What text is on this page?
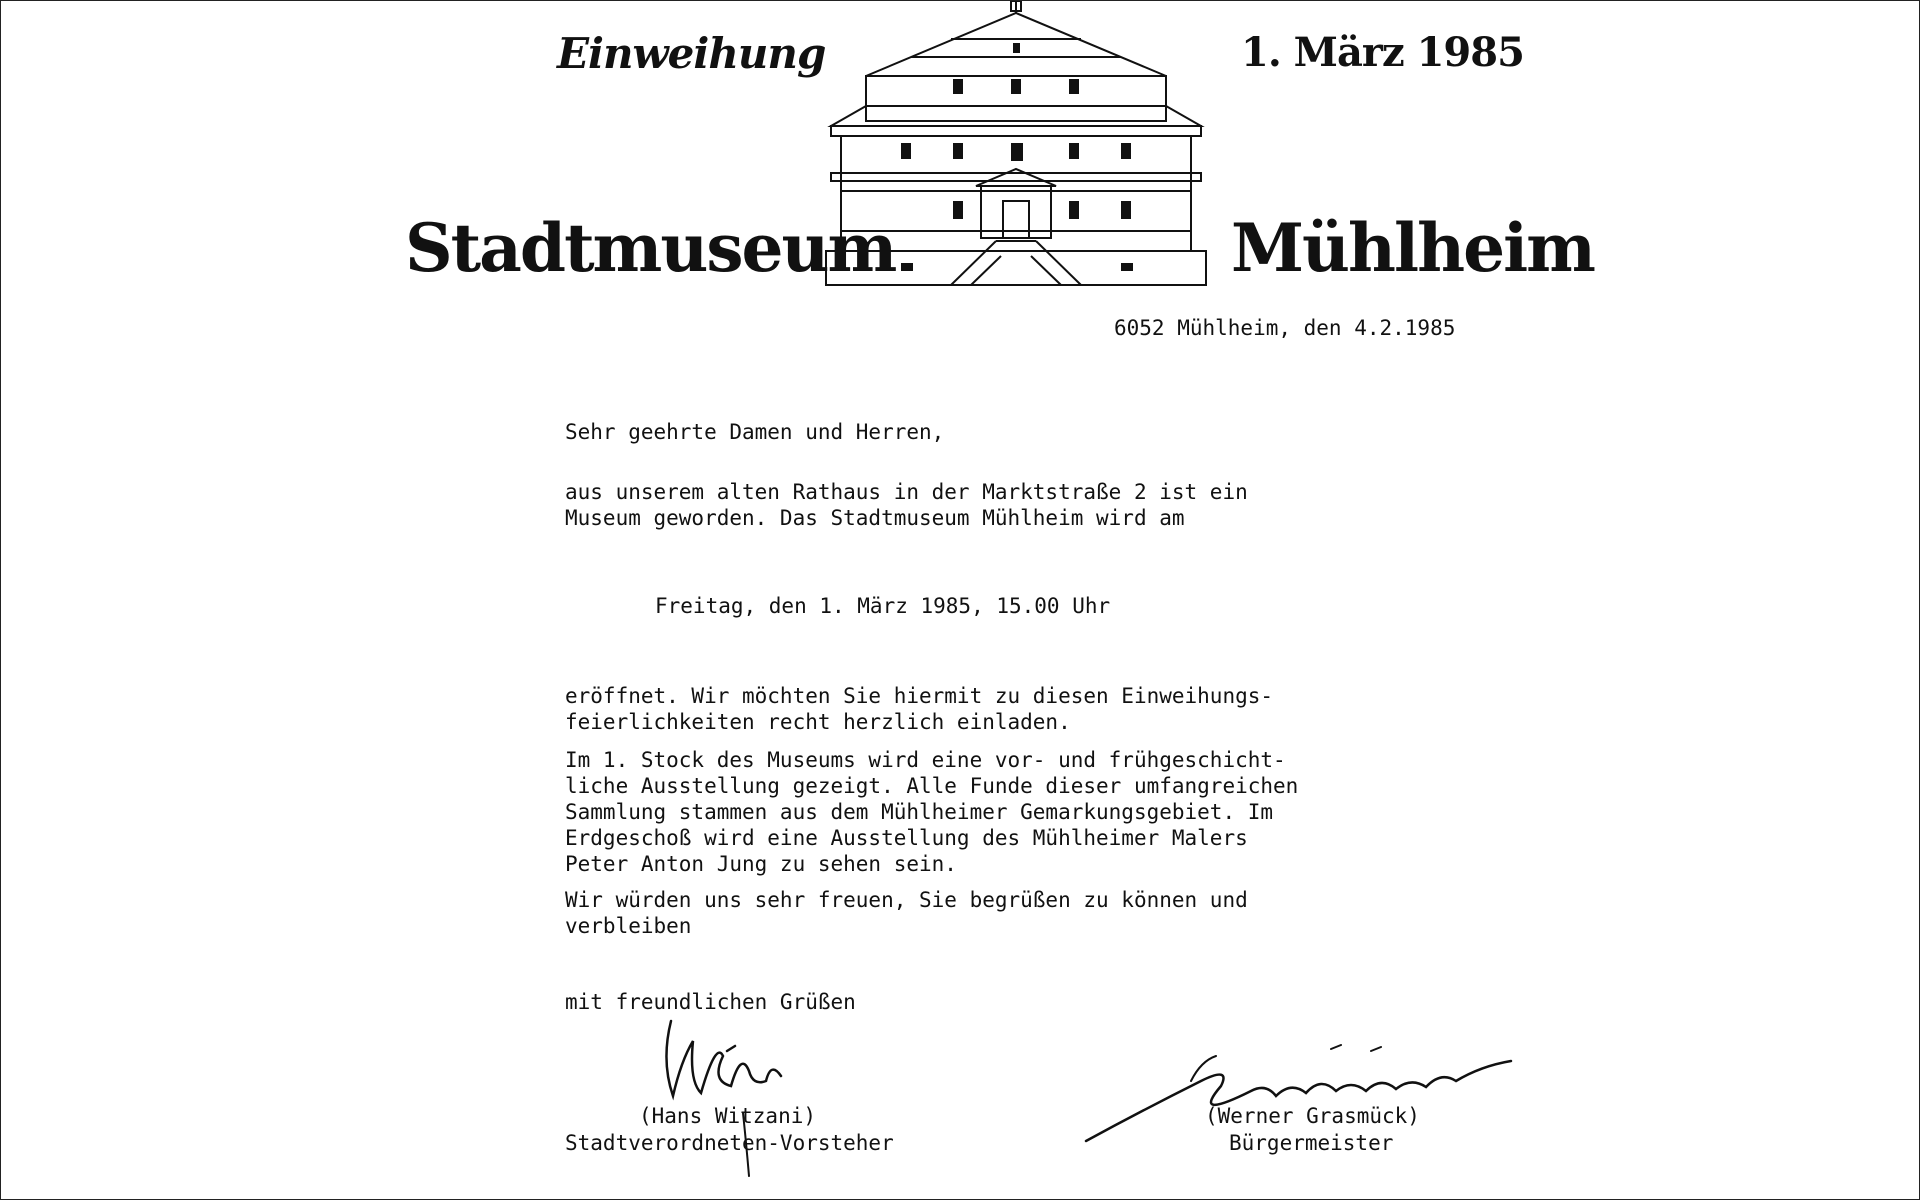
Einweihung	1. März 1985
Stadtmuseum	Mühlheim
6052 Mühlheim, den 4.2.1985
Sehr geehrte Damen und Herren,
aus unserem alten Rathaus in der Marktstraße 2 ist ein
Museum geworden. Das Stadtmuseum Mühlheim wird am
Freitag, den 1. März 1985, 15.00 Uhr
eröffnet. Wir möchten Sie hiermit zu diesen Einweihungs-
feierlichkeiten recht herzlich einladen.
Im 1. Stock des Museums wird eine vor- und frühgeschicht-
liche Ausstellung gezeigt. Alle Funde dieser umfangreichen
Sammlung stammen aus dem Mühlheimer Gemarkungsgebiet. Im
Erdgeschoß wird eine Ausstellung des Mühlheimer Malers
Peter Anton Jung zu sehen sein.
Wir würden uns sehr freuen, Sie begrüßen zu können und
verbleiben
mit freundlichen Grüßen
(Hans Witzani)
Stadtverordneten-Vorsteher
(Werner Grasmück)
Bürgermeister
